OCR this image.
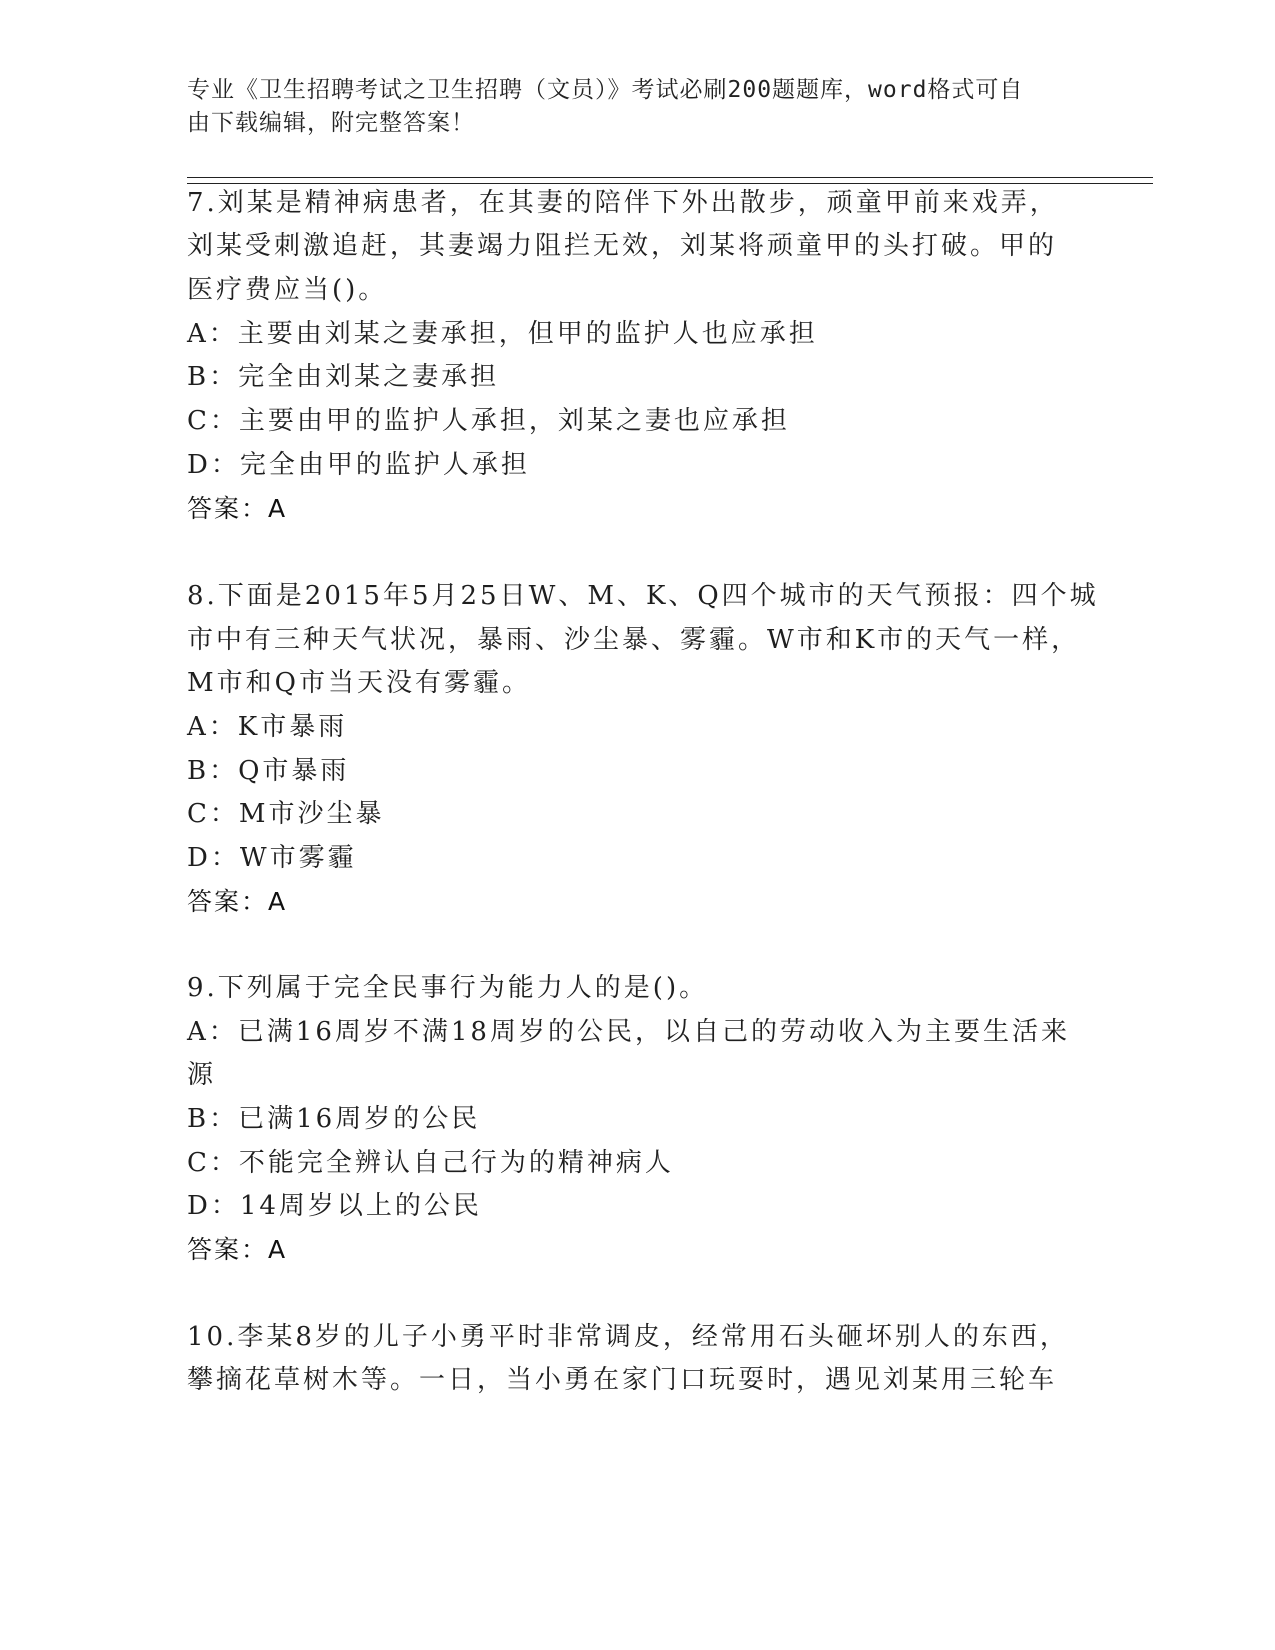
专业《卫生招聘考试之卫生招聘（文员）》考试必刷200题题库，word格式可自
由下载编辑，附完整答案！
7.刘某是精神病患者，在其妻的陪伴下外出散步，顽童甲前来戏弄，
刘某受刺激追赶，其妻竭力阻拦无效，刘某将顽童甲的头打破。甲的
医疗费应当()。
A：主要由刘某之妻承担，但甲的监护人也应承担
B：完全由刘某之妻承担
C：主要由甲的监护人承担，刘某之妻也应承担
D：完全由甲的监护人承担
答案：A
8.下面是2015年5月25日W、M、K、Q四个城市的天气预报：四个城
市中有三种天气状况，暴雨、沙尘暴、雾霾。W市和K市的天气一样，
M市和Q市当天没有雾霾。
A：K市暴雨
B：Q市暴雨
C：M市沙尘暴
D：W市雾霾
答案：A
9.下列属于完全民事行为能力人的是()。
A：已满16周岁不满18周岁的公民，以自己的劳动收入为主要生活来
源
B：已满16周岁的公民
C：不能完全辨认自己行为的精神病人
D：14周岁以上的公民
答案：A
10.李某8岁的儿子小勇平时非常调皮，经常用石头砸坏别人的东西，
攀摘花草树木等。一日，当小勇在家门口玩耍时，遇见刘某用三轮车
